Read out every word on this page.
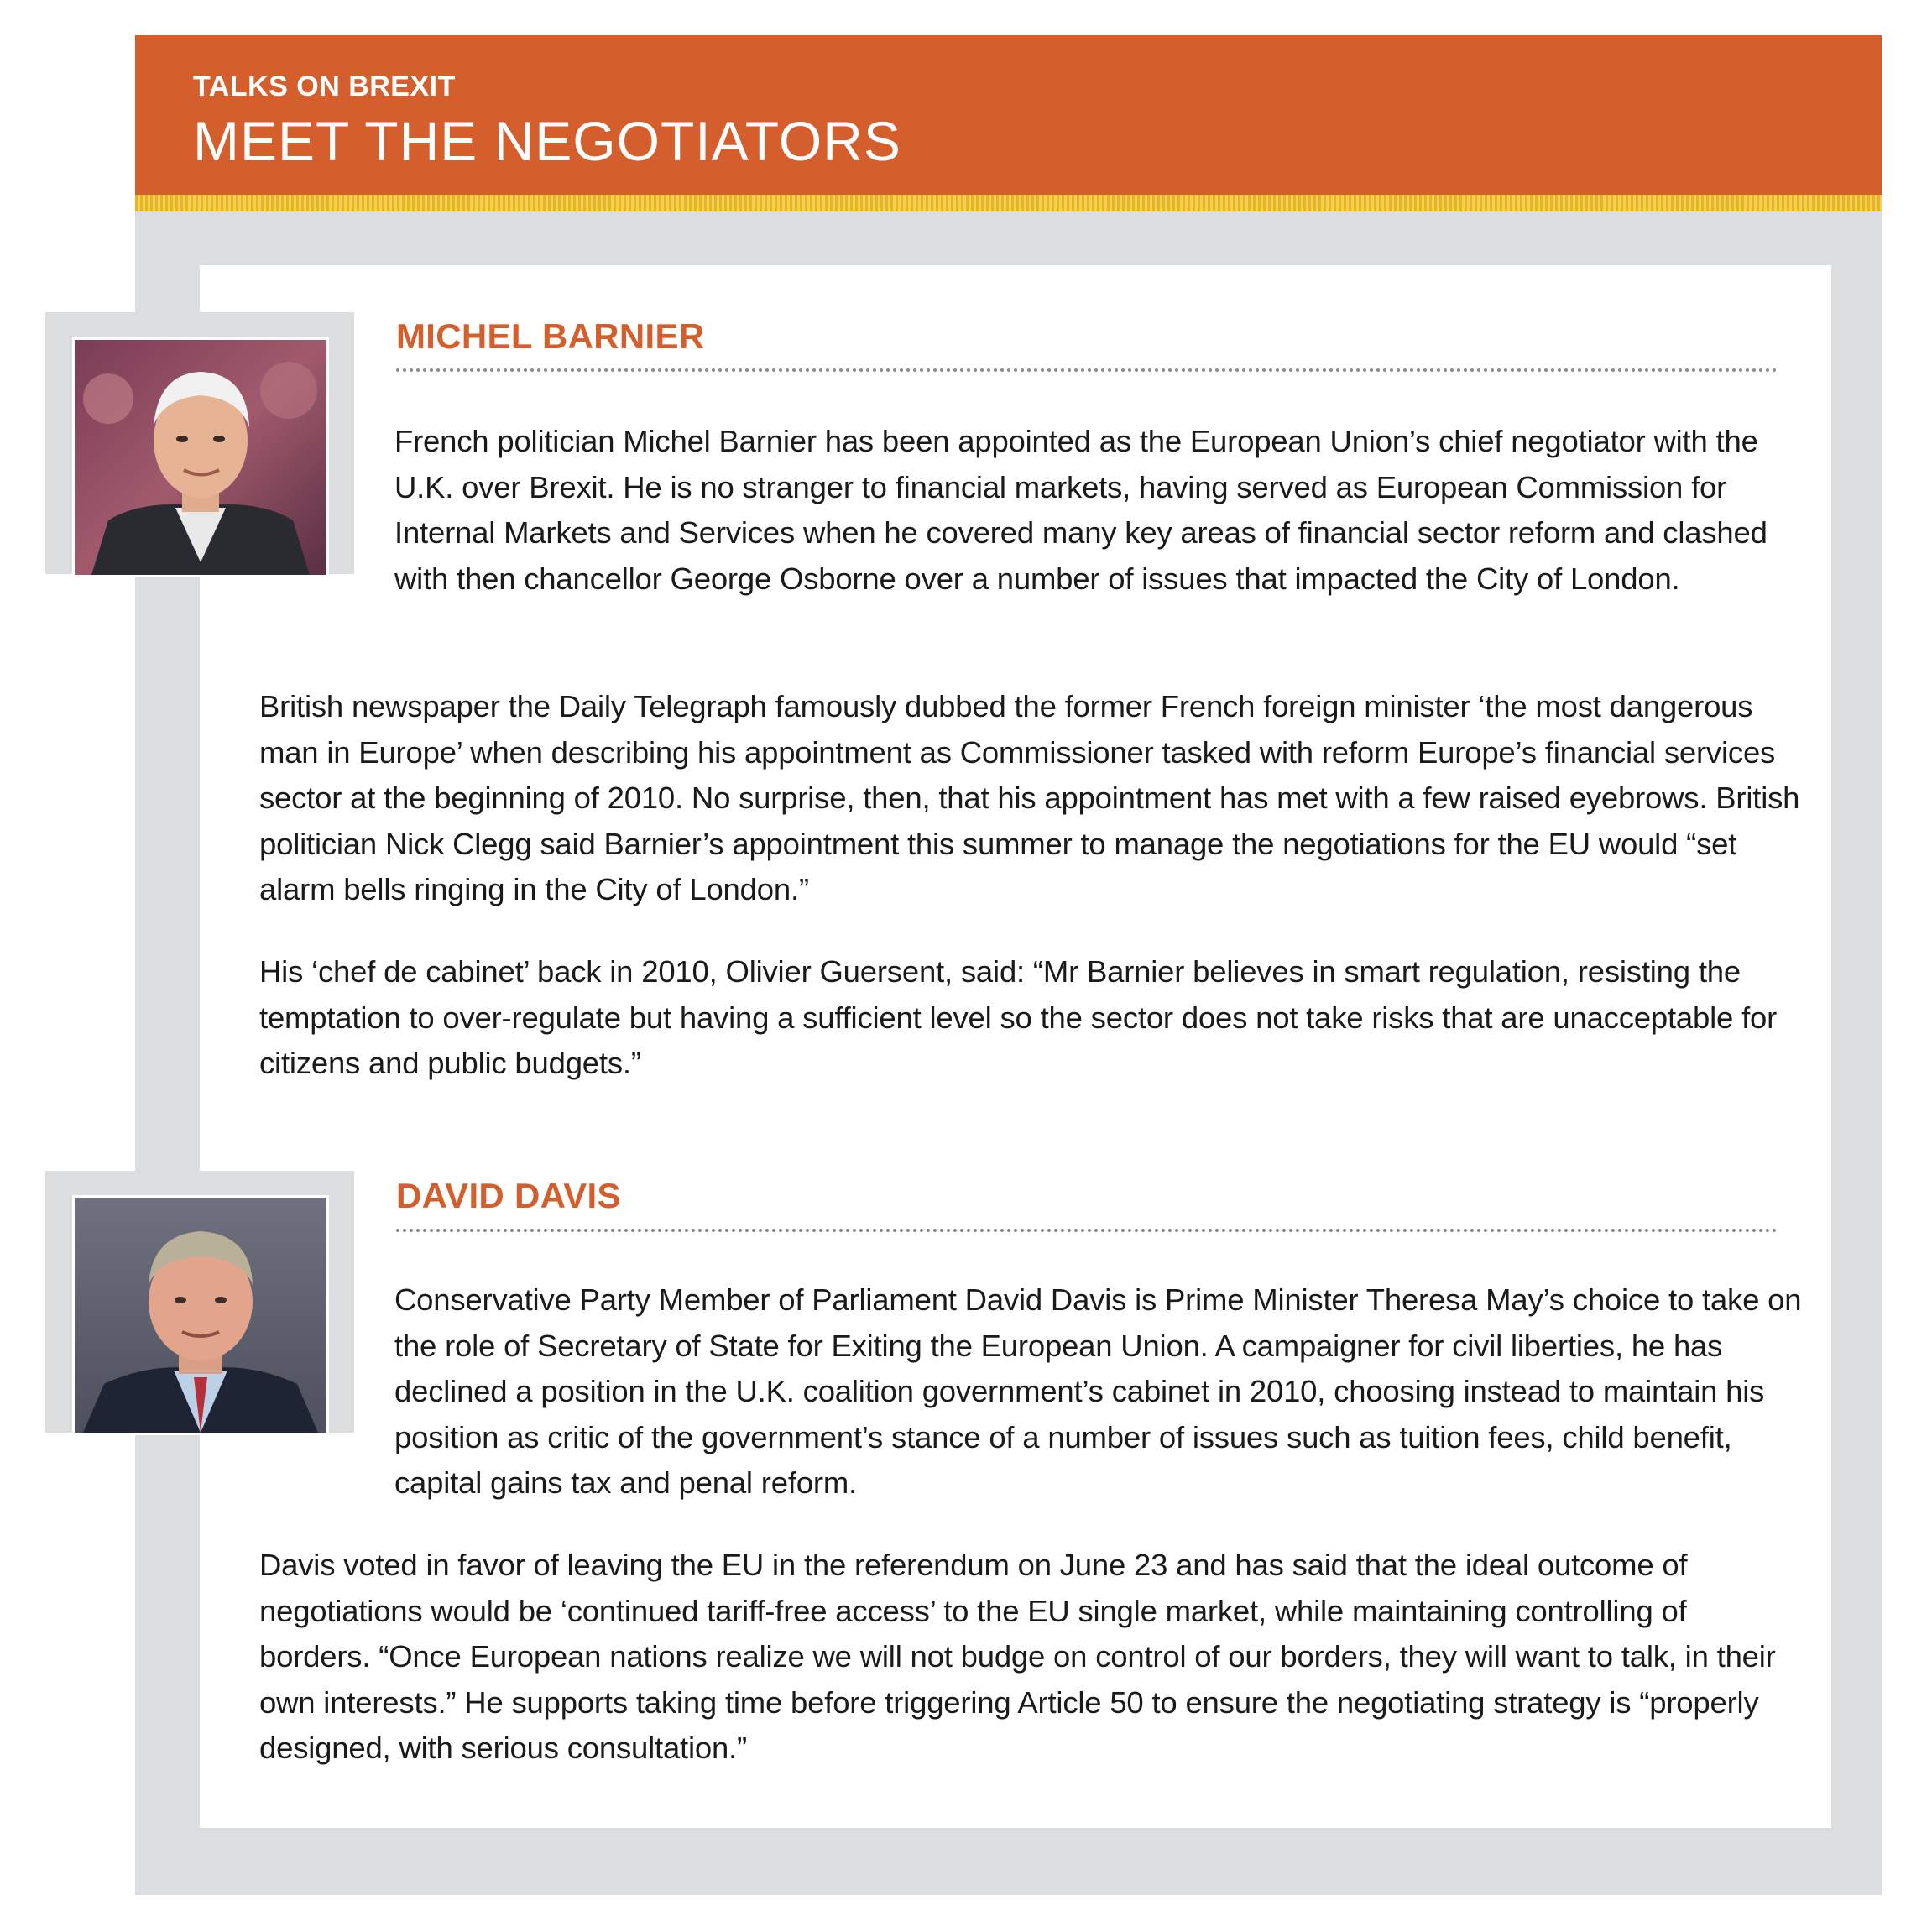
TALKS ON BREXIT
MEET THE NEGOTIATORS
MICHEL BARNIER

French politician Michel Barnier has been appointed as the European Union’s chief negotiator with the U.K. over Brexit. He is no stranger to financial markets, having served as European Commission for Internal Markets and Services when he covered many key areas of financial sector reform and clashed with then chancellor George Osborne over a number of issues that impacted the City of London.

British newspaper the Daily Telegraph famously dubbed the former French foreign minister ‘the most dangerous man in Europe’ when describing his appointment as Commissioner tasked with reform Europe’s financial services sector at the beginning of 2010. No surprise, then, that his appointment has met with a few raised eyebrows. British politician Nick Clegg said Barnier’s appointment this summer to manage the negotiations for the EU would “set alarm bells ringing in the City of London.”

His ‘chef de cabinet’ back in 2010, Olivier Guersent, said: “Mr Barnier believes in smart regulation, resisting the temptation to over-regulate but having a sufficient level so the sector does not take risks that are unacceptable for citizens and public budgets.”

DAVID DAVIS

Conservative Party Member of Parliament David Davis is Prime Minister Theresa May’s choice to take on the role of Secretary of State for Exiting the European Union. A campaigner for civil liberties, he has declined a position in the U.K. coalition government’s cabinet in 2010, choosing instead to maintain his position as critic of the government’s stance of a number of issues such as tuition fees, child benefit, capital gains tax and penal reform.

Davis voted in favor of leaving the EU in the referendum on June 23 and has said that the ideal outcome of negotiations would be ‘continued tariff-free access’ to the EU single market, while maintaining controlling of borders. “Once European nations realize we will not budge on control of our borders, they will want to talk, in their own interests.” He supports taking time before triggering Article 50 to ensure the negotiating strategy is “properly designed, with serious consultation.”
